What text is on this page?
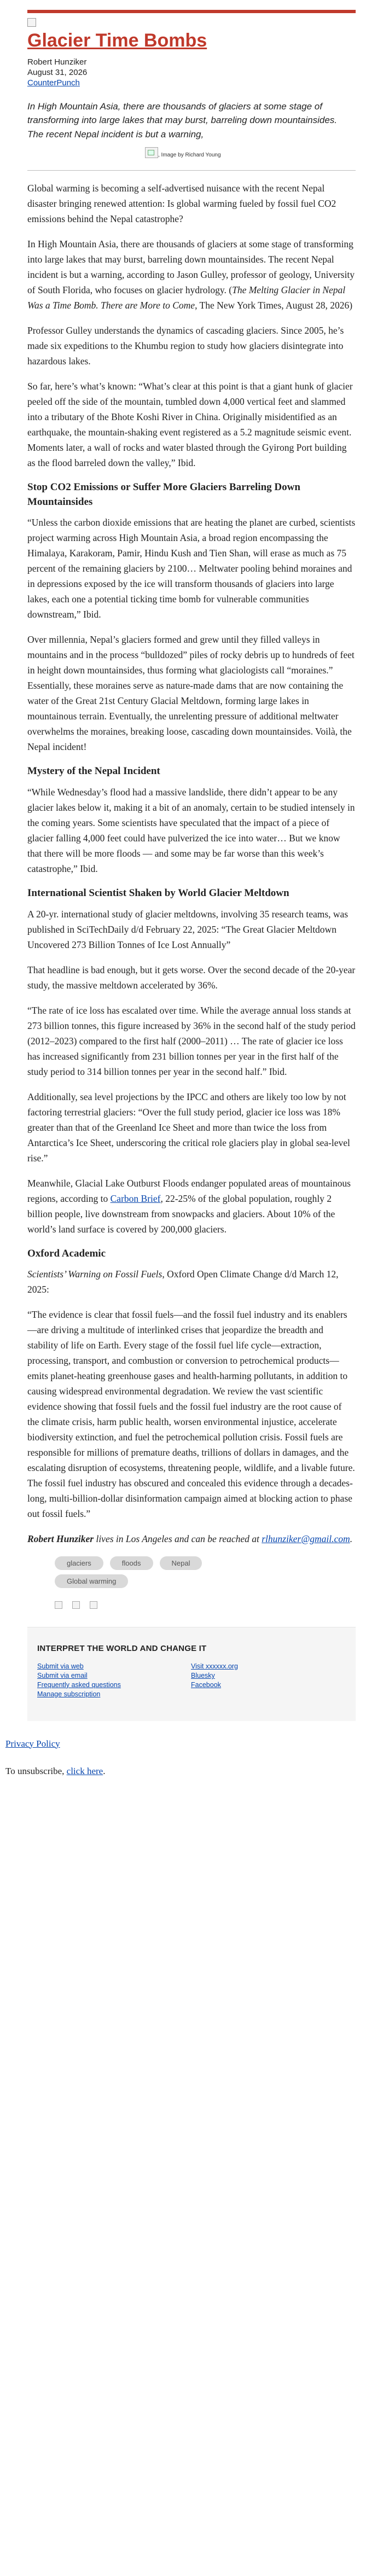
Glacier Time Bombs
Robert Hunziker
August 31, 2026
CounterPunch

In High Mountain Asia, there are thousands of glaciers at some stage of transforming into large lakes that may burst, barreling down mountainsides. The recent Nepal incident is but a warning,

, Image by Richard Young

Global warming is becoming a self-advertised nuisance with the recent Nepal disaster bringing renewed attention: Is global warming fueled by fossil fuel CO2 emissions behind the Nepal catastrophe?

In High Mountain Asia, there are thousands of glaciers at some stage of transforming into large lakes that may burst, barreling down mountainsides. The recent Nepal incident is but a warning, according to Jason Gulley, professor of geology, University of South Florida, who focuses on glacier hydrology. (The Melting Glacier in Nepal Was a Time Bomb. There are More to Come, The New York Times, August 28, 2026)

Professor Gulley understands the dynamics of cascading glaciers. Since 2005, he’s made six expeditions to the Khumbu region to study how glaciers disintegrate into hazardous lakes.

So far, here’s what’s known: “What’s clear at this point is that a giant hunk of glacier peeled off the side of the mountain, tumbled down 4,000 vertical feet and slammed into a tributary of the Bhote Koshi River in China. Originally misidentified as an earthquake, the mountain-shaking event registered as a 5.2 magnitude seismic event. Moments later, a wall of rocks and water blasted through the Gyirong Port building as the flood barreled down the valley,” Ibid.

Stop CO2 Emissions or Suffer More Glaciers Barreling Down Mountainsides

“Unless the carbon dioxide emissions that are heating the planet are curbed, scientists project warming across High Mountain Asia, a broad region encompassing the Himalaya, Karakoram, Pamir, Hindu Kush and Tien Shan, will erase as much as 75 percent of the remaining glaciers by 2100… Meltwater pooling behind moraines and in depressions exposed by the ice will transform thousands of glaciers into large lakes, each one a potential ticking time bomb for vulnerable communities downstream,” Ibid.

Over millennia, Nepal’s glaciers formed and grew until they filled valleys in mountains and in the process “bulldozed” piles of rocky debris up to hundreds of feet in height down mountainsides, thus forming what glaciologists call “moraines.” Essentially, these moraines serve as nature-made dams that are now containing the water of the Great 21st Century Glacial Meltdown, forming large lakes in mountainous terrain. Eventually, the unrelenting pressure of additional meltwater overwhelms the moraines, breaking loose, cascading down mountainsides. Voilà, the Nepal incident!

Mystery of the Nepal Incident

“While Wednesday’s flood had a massive landslide, there didn’t appear to be any glacier lakes below it, making it a bit of an anomaly, certain to be studied intensely in the coming years. Some scientists have speculated that the impact of a piece of glacier falling 4,000 feet could have pulverized the ice into water… But we know that there will be more floods — and some may be far worse than this week’s catastrophe,” Ibid.

International Scientist Shaken by World Glacier Meltdown

A 20-yr. international study of glacier meltdowns, involving 35 research teams, was published in SciTechDaily d/d February 22, 2025: “The Great Glacier Meltdown Uncovered 273 Billion Tonnes of Ice Lost Annually”

That headline is bad enough, but it gets worse. Over the second decade of the 20-year study, the massive meltdown accelerated by 36%.

“The rate of ice loss has escalated over time. While the average annual loss stands at 273 billion tonnes, this figure increased by 36% in the second half of the study period (2012–2023) compared to the first half (2000–2011) … The rate of glacier ice loss has increased significantly from 231 billion tonnes per year in the first half of the study period to 314 billion tonnes per year in the second half.” Ibid.

Additionally, sea level projections by the IPCC and others are likely too low by not factoring terrestrial glaciers: “Over the full study period, glacier ice loss was 18% greater than that of the Greenland Ice Sheet and more than twice the loss from Antarctica’s Ice Sheet, underscoring the critical role glaciers play in global sea-level rise.”

Meanwhile, Glacial Lake Outburst Floods endanger populated areas of mountainous regions, according to Carbon Brief, 22-25% of the global population, roughly 2 billion people, live downstream from snowpacks and glaciers. About 10% of the world’s land surface is covered by 200,000 glaciers.

Oxford Academic

Scientists’ Warning on Fossil Fuels, Oxford Open Climate Change d/d March 12, 2025:

“The evidence is clear that fossil fuels—and the fossil fuel industry and its enablers—are driving a multitude of interlinked crises that jeopardize the breadth and stability of life on Earth. Every stage of the fossil fuel life cycle—extraction, processing, transport, and combustion or conversion to petrochemical products—emits planet-heating greenhouse gases and health-harming pollutants, in addition to causing widespread environmental degradation. We review the vast scientific evidence showing that fossil fuels and the fossil fuel industry are the root cause of the climate crisis, harm public health, worsen environmental injustice, accelerate biodiversity extinction, and fuel the petrochemical pollution crisis. Fossil fuels are responsible for millions of premature deaths, trillions of dollars in damages, and the escalating disruption of ecosystems, threatening people, wildlife, and a livable future. The fossil fuel industry has obscured and concealed this evidence through a decades-long, multi-billion-dollar disinformation campaign aimed at blocking action to phase out fossil fuels.”

Robert Hunziker lives in Los Angeles and can be reached at rlhunziker@gmail.com.

glaciers	floods	Nepal
Global warming

INTERPRET THE WORLD AND CHANGE IT
Submit via web
Submit via email
Frequently asked questions
Manage subscription
Visit xxxxxx.org
Bluesky
Facebook
Privacy Policy

To unsubscribe, click here.
